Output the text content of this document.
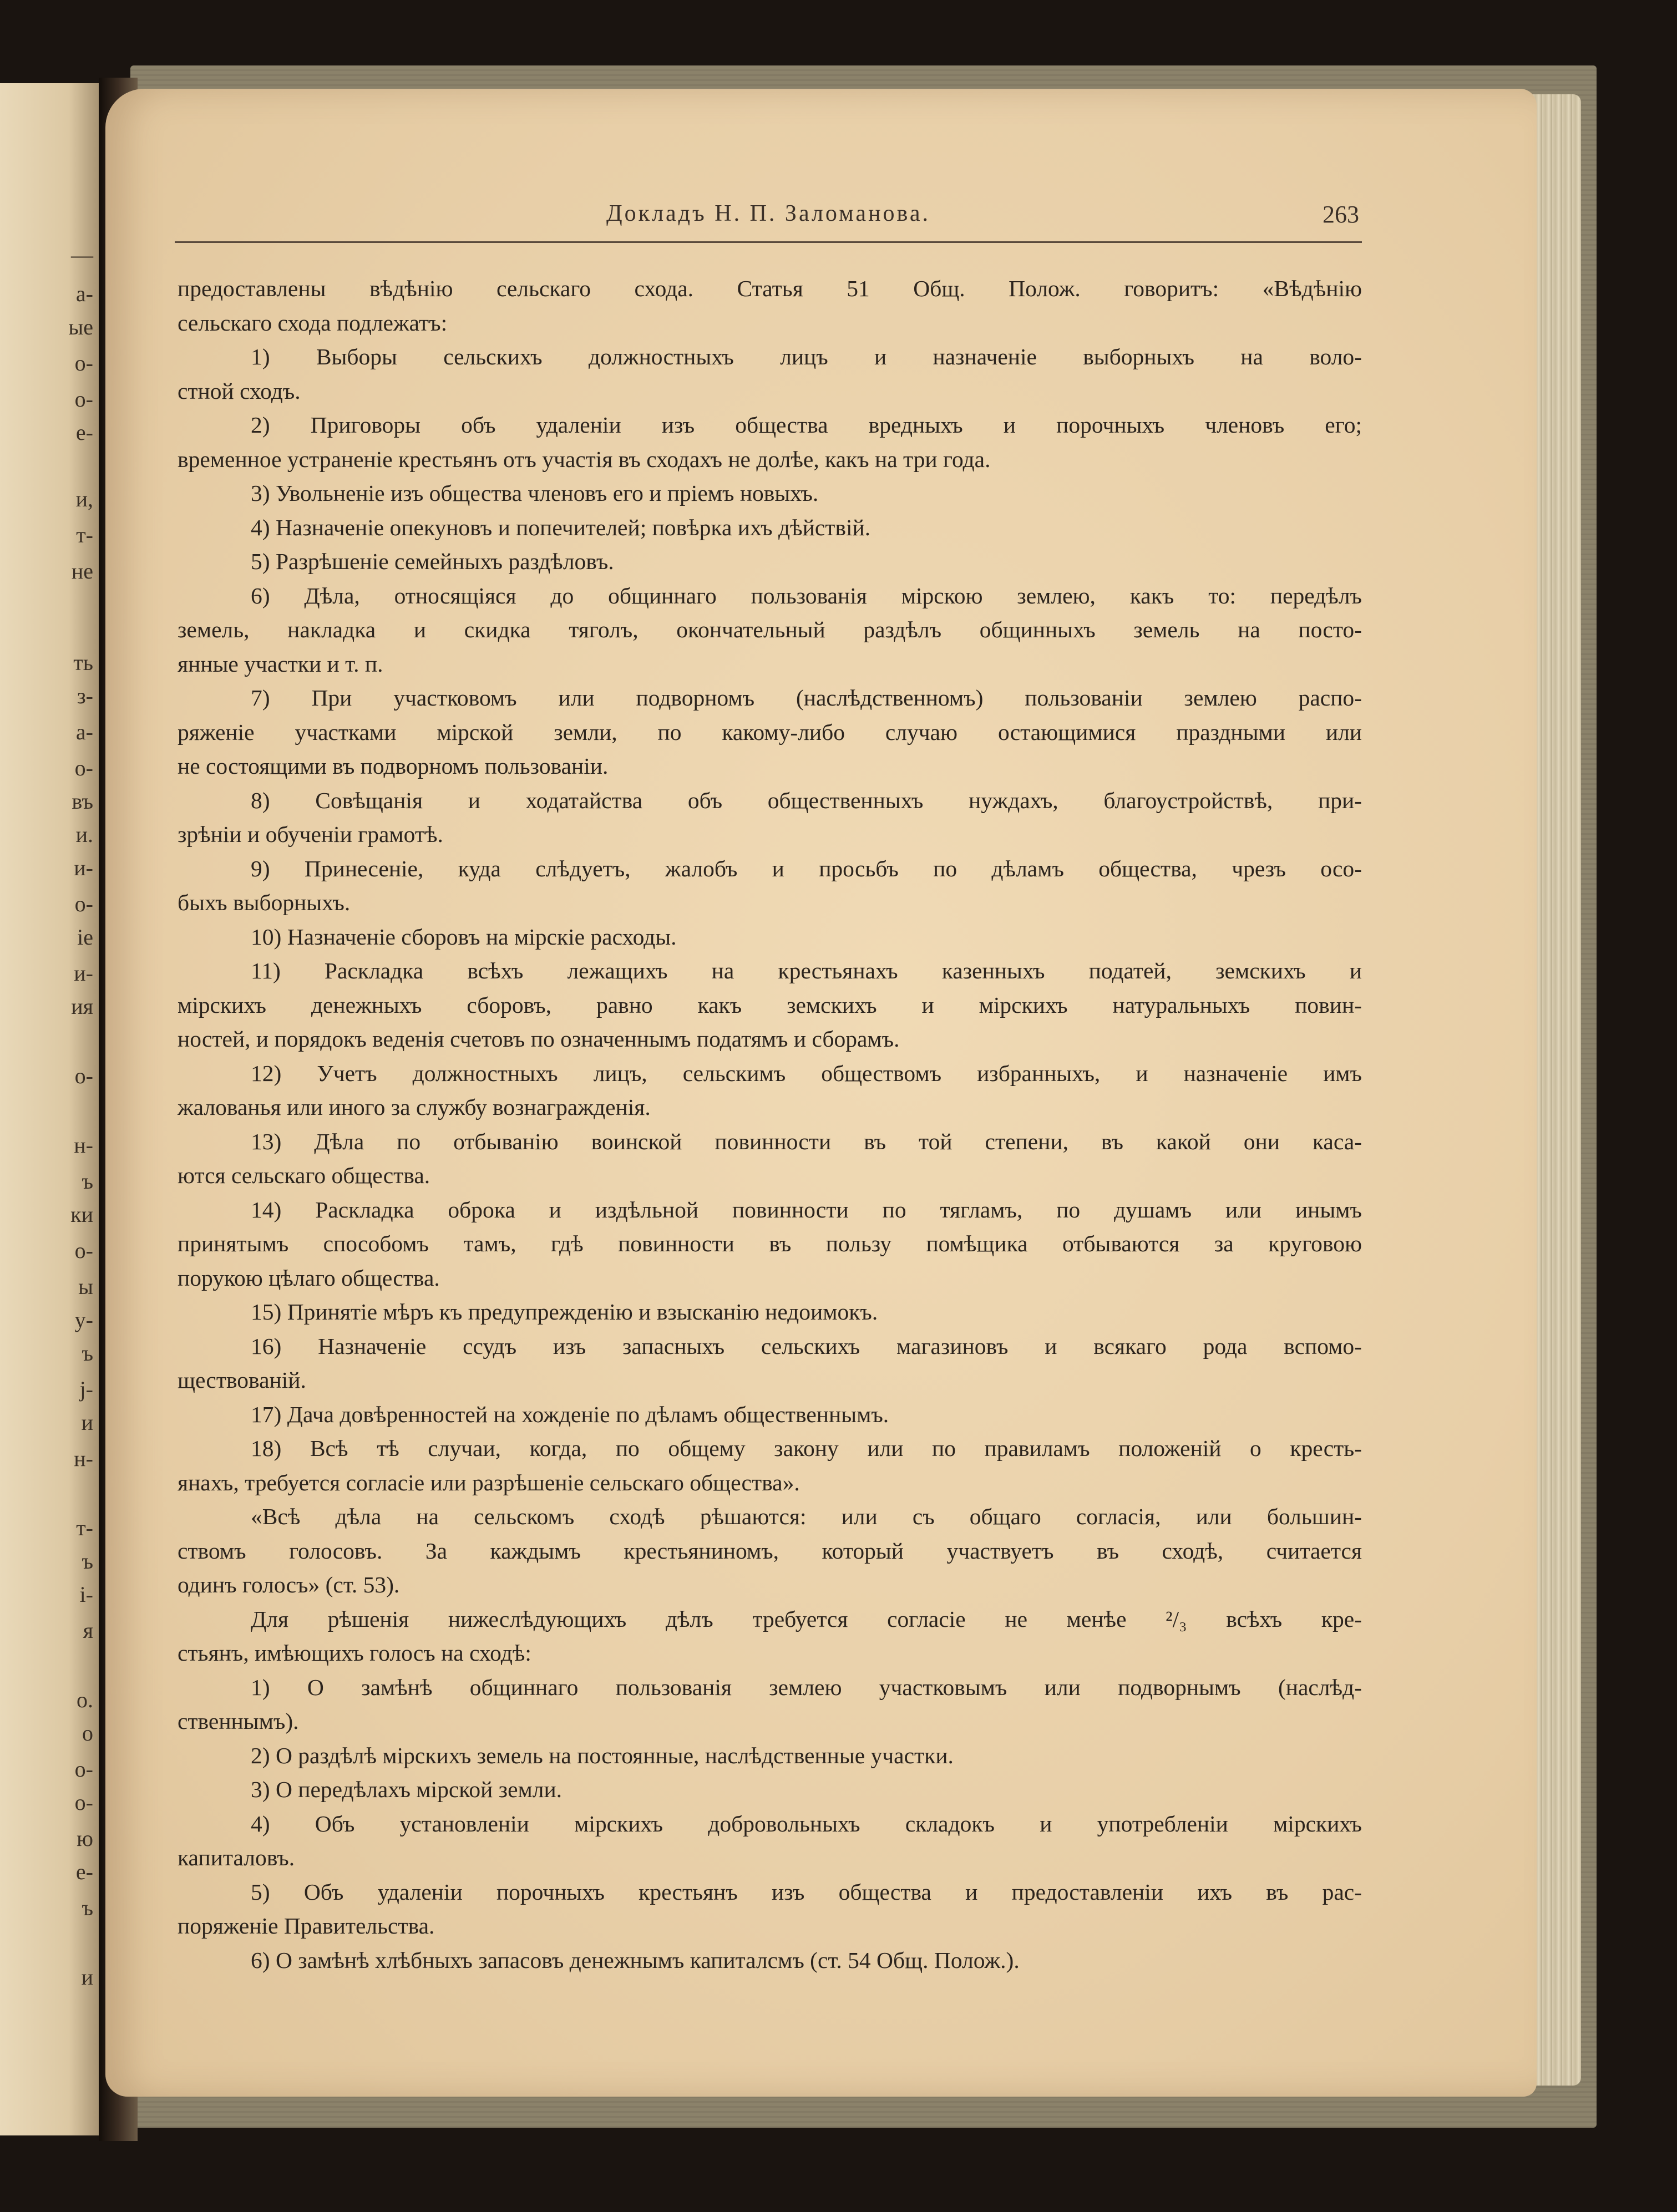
—
а-
ые
о-
о-
е-
и,
т-
не
ть
з-
а-
о-
въ
и.
и-
о-
іе
и-
ия
о-
н-
ъ
ки
о-
ы
у-
ъ
ј-
и
н-
т-
ъ
і-
я
о.
о
о-
о-
ю
е-
ъ
и
Докладъ Н. П. Заломанова.	263
предоставлены вѣдѣнію сельскаго схода. Статья 51 Общ. Полож. говоритъ: «Вѣдѣнію
сельскаго схода подлежатъ:
1) Выборы сельскихъ должностныхъ лицъ и назначеніе выборныхъ на воло-
стной сходъ.
2) Приговоры объ удаленіи изъ общества вредныхъ и порочныхъ членовъ его;
временное устраненіе крестьянъ отъ участія въ сходахъ не долѣе, какъ на три года.
3) Увольненіе изъ общества членовъ его и пріемъ новыхъ.
4) Назначеніе опекуновъ и попечителей; повѣрка ихъ дѣйствій.
5) Разрѣшеніе семейныхъ раздѣловъ.
6) Дѣла, относящіяся до общиннаго пользованія мірскою землею, какъ то: передѣлъ
земель, накладка и скидка тяголъ, окончательный раздѣлъ общинныхъ земель на посто-
янные участки и т. п.
7) При участковомъ или подворномъ (наслѣдственномъ) пользованіи землею распо-
ряженіе участками мірской земли, по какому-либо случаю остающимися праздными или
не состоящими въ подворномъ пользованіи.
8) Совѣщанія и ходатайства объ общественныхъ нуждахъ, благоустройствѣ, при-
зрѣніи и обученіи грамотѣ.
9) Принесеніе, куда слѣдуетъ, жалобъ и просьбъ по дѣламъ общества, чрезъ осо-
быхъ выборныхъ.
10) Назначеніе сборовъ на мірскіе расходы.
11) Раскладка всѣхъ лежащихъ на крестьянахъ казенныхъ податей, земскихъ и
мірскихъ денежныхъ сборовъ, равно какъ земскихъ и мірскихъ натуральныхъ повин-
ностей, и порядокъ веденія счетовъ по означеннымъ податямъ и сборамъ.
12) Учетъ должностныхъ лицъ, сельскимъ обществомъ избранныхъ, и назначеніе имъ
жалованья или иного за службу вознагражденія.
13) Дѣла по отбыванію воинской повинности въ той степени, въ какой они каса-
ются сельскаго общества.
14) Раскладка оброка и издѣльной повинности по тягламъ, по душамъ или инымъ
принятымъ способомъ тамъ, гдѣ повинности въ пользу помѣщика отбываются за круговою
порукою цѣлаго общества.
15) Принятіе мѣръ къ предупрежденію и взысканію недоимокъ.
16) Назначеніе ссудъ изъ запасныхъ сельскихъ магазиновъ и всякаго рода вспомо-
ществованій.
17) Дача довѣренностей на хожденіе по дѣламъ общественнымъ.
18) Всѣ тѣ случаи, когда, по общему закону или по правиламъ положеній о кресть-
янахъ, требуется согласіе или разрѣшеніе сельскаго общества».
«Всѣ дѣла на сельскомъ сходѣ рѣшаются: или съ общаго согласія, или большин-
ствомъ голосовъ. За каждымъ крестьяниномъ, который участвуетъ въ сходѣ, считается
одинъ голосъ» (ст. 53).
Для рѣшенія нижеслѣдующихъ дѣлъ требуется согласіе не менѣе ²/₃ всѣхъ кре-
стьянъ, имѣющихъ голосъ на сходѣ:
1) О замѣнѣ общиннаго пользованія землею участковымъ или подворнымъ (наслѣд-
ственнымъ).
2) О раздѣлѣ мірскихъ земель на постоянные, наслѣдственные участки.
3) О передѣлахъ мірской земли.
4) Объ установленіи мірскихъ добровольныхъ складокъ и употребленіи мірскихъ
капиталовъ.
5) Объ удаленіи порочныхъ крестьянъ изъ общества и предоставленіи ихъ въ рас-
поряженіе Правительства.
6) О замѣнѣ хлѣбныхъ запасовъ денежнымъ капиталсмъ (ст. 54 Общ. Полож.).
